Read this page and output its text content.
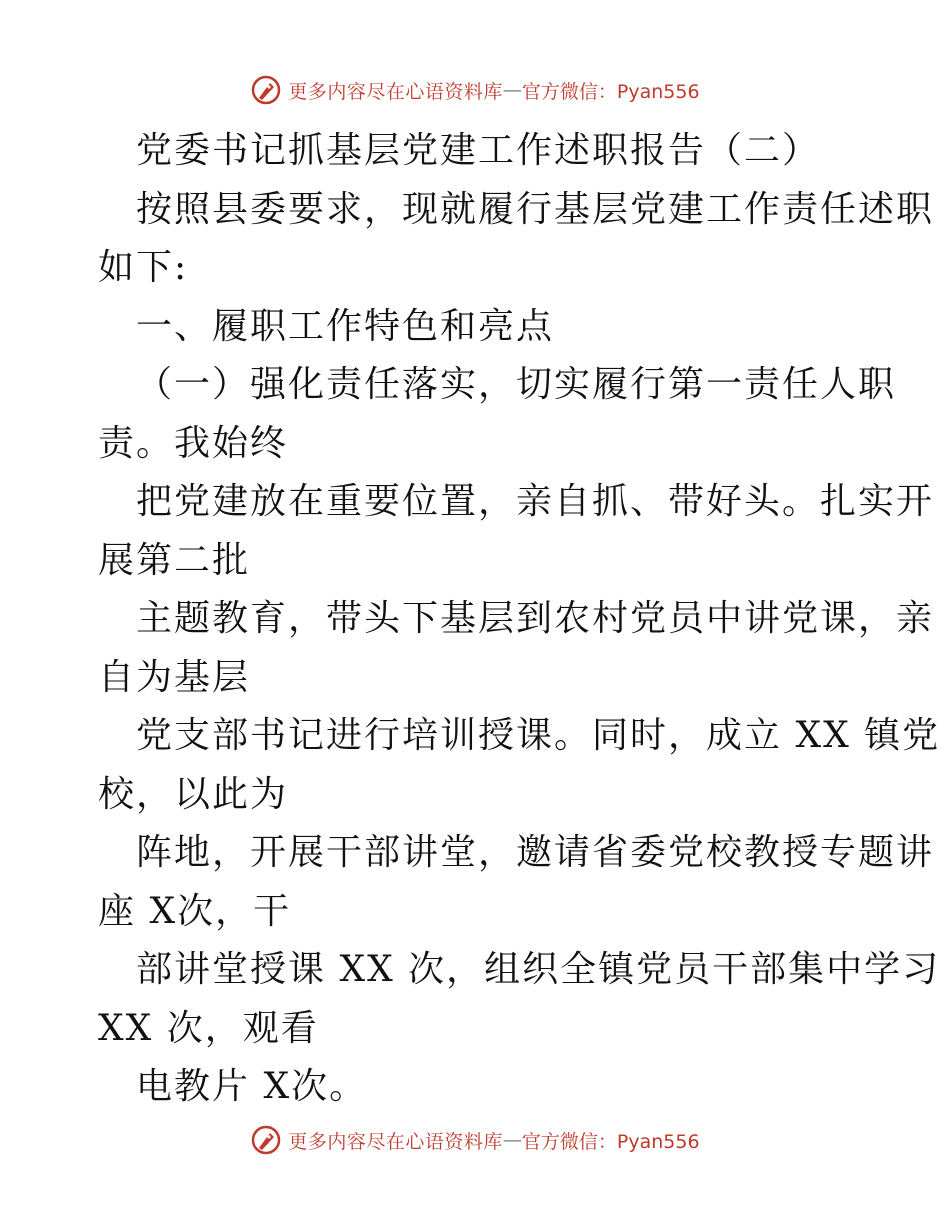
更多内容尽在心语资料库 — 官方微信：Pyan556
党委书记抓基层党建工作述职报告（二）
按照县委要求，现就履行基层党建工作责任述职
如下:
一、履职工作特色和亮点
（一）强化责任落实，切实履行第一责任人职
责。我始终
把党建放在重要位置，亲自抓、带好头。扎实开
展第二批
主题教育，带头下基层到农村党员中讲党课，亲
自为基层
党支部书记进行培训授课。同时，成立 XX 镇党
校，以此为
阵地，开展干部讲堂，邀请省委党校教授专题讲
座 X次，干
部讲堂授课 XX 次，组织全镇党员干部集中学习
XX 次，观看
电教片 X次。
更多内容尽在心语资料库 — 官方微信：Pyan556
